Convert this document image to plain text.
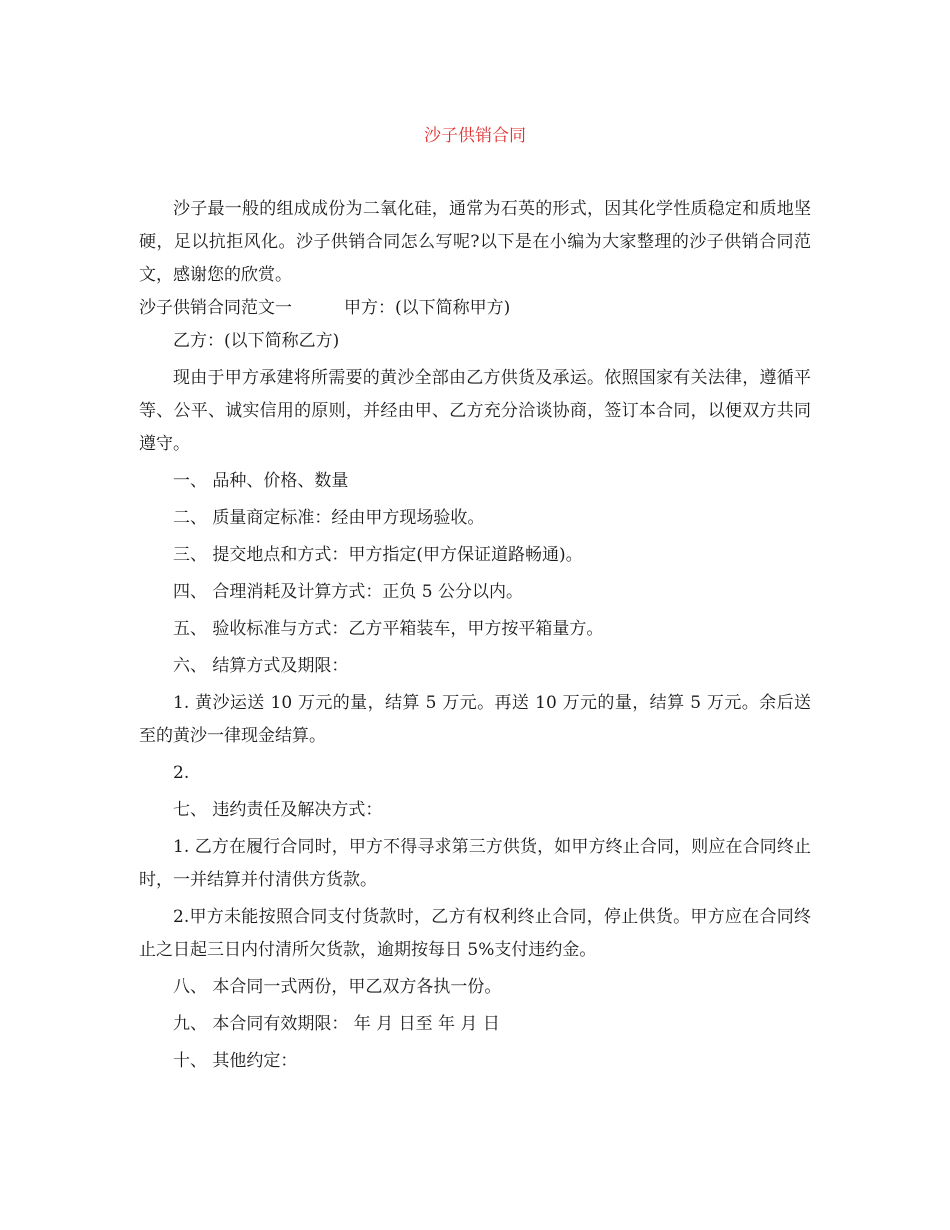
沙子供销合同

沙子最一般的组成成份为二氧化硅，通常为石英的形式，因其化学性质稳定和质地坚硬，足以抗拒风化。沙子供销合同怎么写呢?以下是在小编为大家整理的沙子供销合同范文，感谢您的欣赏。

沙子供销合同范文一	甲方：(以下简称甲方)

乙方：(以下简称乙方)

现由于甲方承建将所需要的黄沙全部由乙方供货及承运。依照国家有关法律，遵循平等、公平、诚实信用的原则，并经由甲、乙方充分洽谈协商，签订本合同，以便双方共同遵守。

一、 品种、价格、数量

二、 质量商定标准：经由甲方现场验收。

三、 提交地点和方式：甲方指定(甲方保证道路畅通)。

四、 合理消耗及计算方式：正负 5 公分以内。

五、 验收标准与方式：乙方平箱装车，甲方按平箱量方。

六、 结算方式及期限：

1. 黄沙运送 10 万元的量，结算 5 万元。再送 10 万元的量，结算 5 万元。余后送至的黄沙一律现金结算。

2.

七、 违约责任及解决方式：

1. 乙方在履行合同时，甲方不得寻求第三方供货，如甲方终止合同，则应在合同终止时，一并结算并付清供方货款。

2.甲方未能按照合同支付货款时，乙方有权利终止合同，停止供货。甲方应在合同终止之日起三日内付清所欠货款，逾期按每日 5%支付违约金。

八、 本合同一式两份，甲乙双方各执一份。

九、 本合同有效期限： 年 月 日至 年 月 日

十、 其他约定：
